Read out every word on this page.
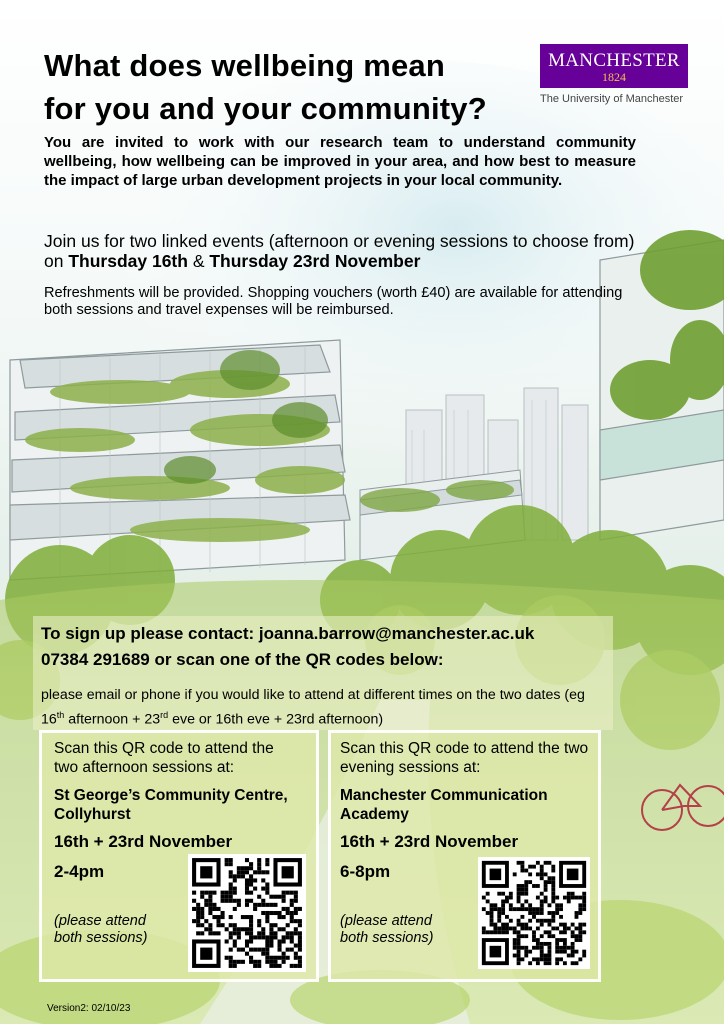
What does wellbeing mean
for you and your community?
MANCHESTER
1824
The University of Manchester

You are invited to work with our research team to understand community wellbeing, how wellbeing can be improved in your area, and how best to measure the impact of large urban development projects in your local community.

Join us for two linked events (afternoon or evening sessions to choose from) on Thursday 16th & Thursday 23rd November

Refreshments will be provided. Shopping vouchers (worth £40) are available for attending both sessions and travel expenses will be reimbursed.

To sign up please contact: joanna.barrow@manchester.ac.uk

07384 291689 or scan one of the QR codes below:

please email or phone if you would like to attend at different times on the two dates (eg 16th afternoon + 23rd eve or 16th eve + 23rd afternoon)

Scan this QR code to attend the two afternoon sessions at:

St George’s Community Centre, Collyhurst

16th + 23rd November

2-4pm

(please attend both sessions)

Scan this QR code to attend the two evening sessions at:

Manchester Communication Academy

16th + 23rd November

6-8pm

(please attend both sessions)

Version2: 02/10/23
